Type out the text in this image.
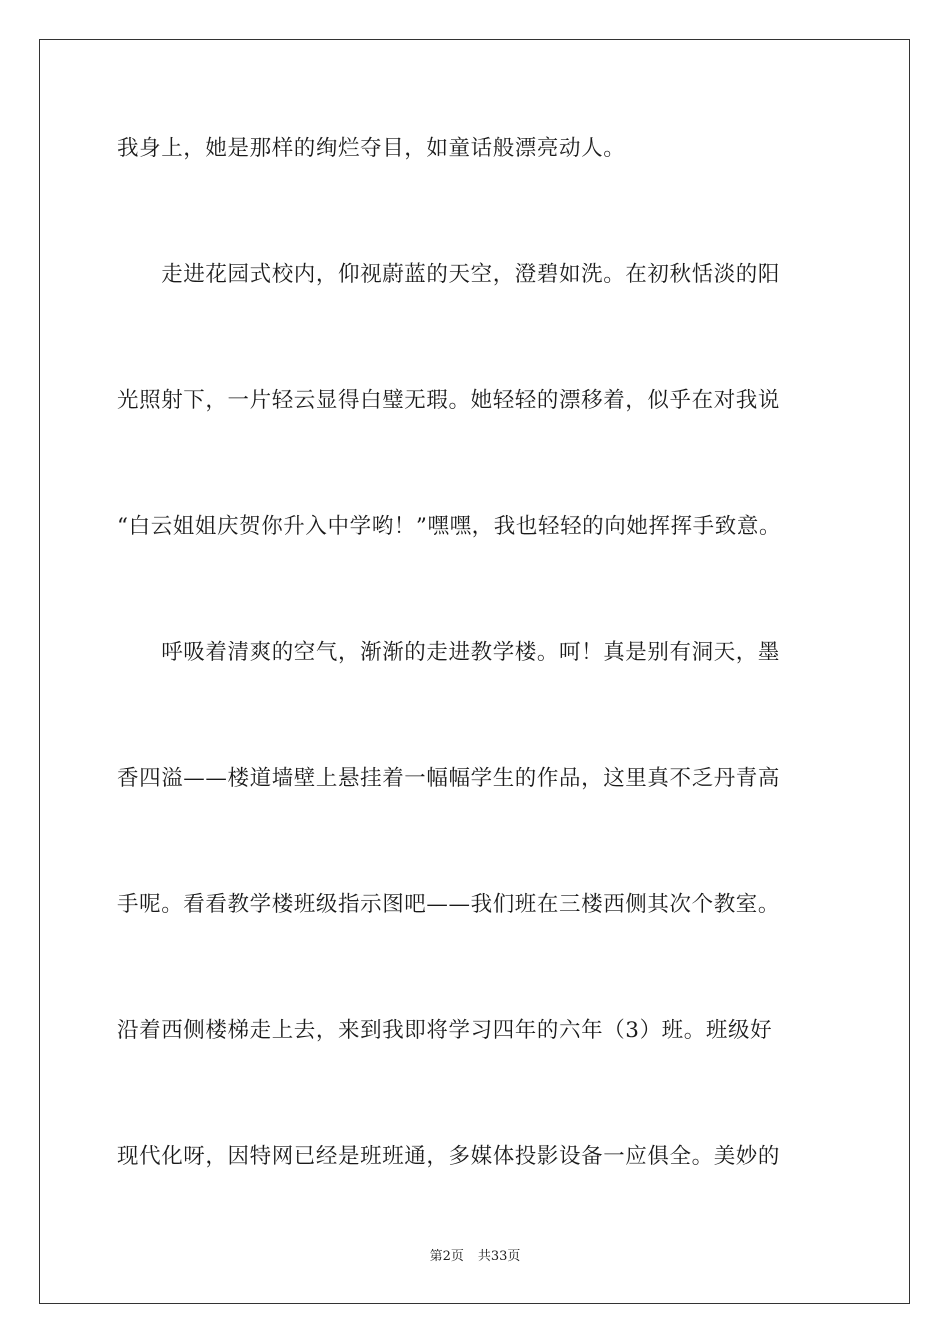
我身上，她是那样的绚烂夺目，如童话般漂亮动人。
　　走进花园式校内，仰视蔚蓝的天空，澄碧如洗。在初秋恬淡的阳
光照射下，一片轻云显得白璧无瑕。她轻轻的漂移着，似乎在对我说
“白云姐姐庆贺你升入中学哟！”嘿嘿，我也轻轻的向她挥挥手致意。
　　呼吸着清爽的空气，渐渐的走进教学楼。呵！真是别有洞天，墨
香四溢——楼道墙壁上悬挂着一幅幅学生的作品，这里真不乏丹青高
手呢。看看教学楼班级指示图吧——我们班在三楼西侧其次个教室。
沿着西侧楼梯走上去，来到我即将学习四年的六年（3）班。班级好
现代化呀，因特网已经是班班通，多媒体投影设备一应俱全。美妙的
第2页 共33页
